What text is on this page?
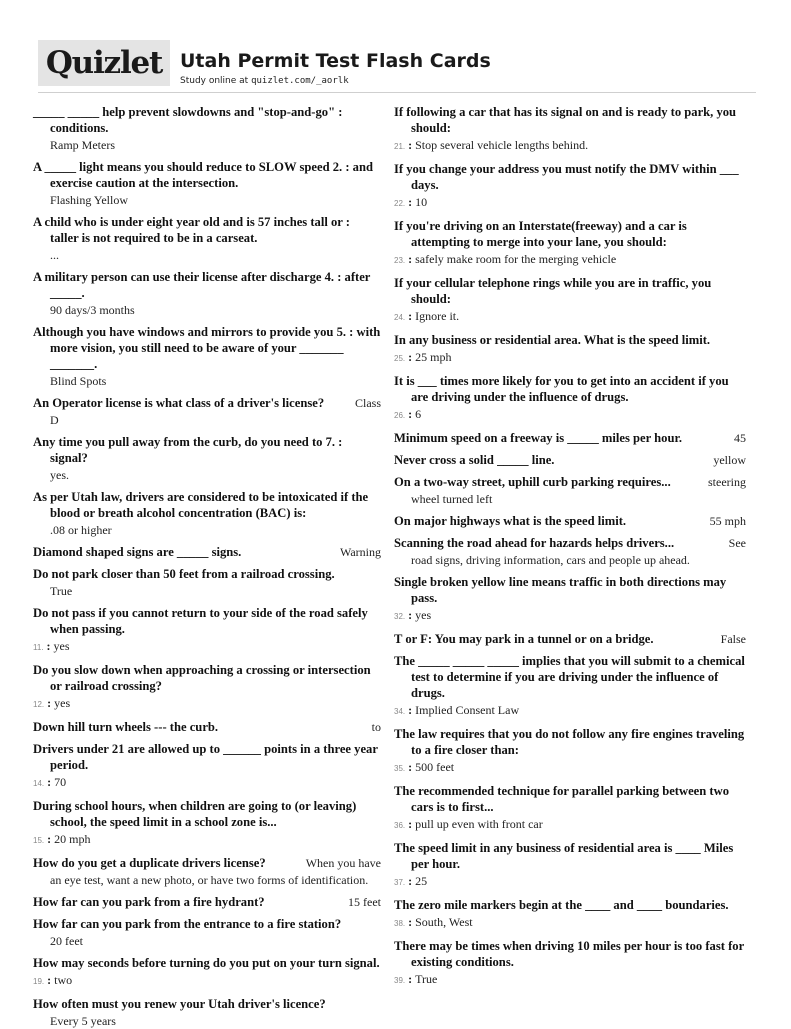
Quizlet Utah Permit Test Flash Cards
Study online at quizlet.com/_aorlk
_____ _____ help prevent slowdowns and "stop-and-go" : conditions.
Ramp Meters
A _____ light means you should reduce to SLOW speed 2. : and exercise caution at the intersection.
Flashing Yellow
A child who is under eight year old and is 57 inches tall or : taller is not required to be in a carseat.
...
A military person can use their license after discharge 4. : after _____.
90 days/3 months
Although you have windows and mirrors to provide you 5. : with more vision, you still need to be aware of your _______ _______.
Blind Spots
An Operator license is what class of a driver's license?	Class
D
Any time you pull away from the curb, do you need to 7. : signal?
yes.
As per Utah law, drivers are considered to be intoxicated if the blood or breath alcohol concentration (BAC) is:
.08 or higher
Diamond shaped signs are _____ signs.	Warning
Do not park closer than 50 feet from a railroad crossing.
True
Do not pass if you cannot return to your side of the road safely when passing.
11. : yes
Do you slow down when approaching a crossing or intersection or railroad crossing?
12. : yes
Down hill turn wheels --- the curb.	to
Drivers under 21 are allowed up to ______ points in a three year period.
14. : 70
During school hours, when children are going to (or leaving) school, the speed limit in a school zone is...
15. : 20 mph
How do you get a duplicate drivers license?	When you have
an eye test, want a new photo, or have two forms of identification.
How far can you park from a fire hydrant?	15 feet
How far can you park from the entrance to a fire station?
20 feet
How may seconds before turning do you put on your turn signal.
19. : two
How often must you renew your Utah driver's licence?
Every 5 years
If following a car that has its signal on and is ready to park, you should:
21. : Stop several vehicle lengths behind.
If you change your address you must notify the DMV within ___ days.
22. : 10
If you're driving on an Interstate(freeway) and a car is attempting to merge into your lane, you should:
23. : safely make room for the merging vehicle
If your cellular telephone rings while you are in traffic, you should:
24. : Ignore it.
In any business or residential area. What is the speed limit.
25. : 25 mph
It is ___ times more likely for you to get into an accident if you are driving under the influence of drugs.
26. : 6
Minimum speed on a freeway is _____ miles per hour.	45
Never cross a solid _____ line.	yellow
On a two-way street, uphill curb parking requires...	steering
wheel turned left
On major highways what is the speed limit.	55 mph
Scanning the road ahead for hazards helps drivers...	See
road signs, driving information, cars and people up ahead.
Single broken yellow line means traffic in both directions may pass.
32. : yes
T or F: You may park in a tunnel or on a bridge.	False
The _____ _____ _____ implies that you will submit to a chemical test to determine if you are driving under the influence of drugs.
34. : Implied Consent Law
The law requires that you do not follow any fire engines traveling to a fire closer than:
35. : 500 feet
The recommended technique for parallel parking between two cars is to first...
36. : pull up even with front car
The speed limit in any business of residential area is ____ Miles per hour.
37. : 25
The zero mile markers begin at the ____ and ____ boundaries.
38. : South, West
There may be times when driving 10 miles per hour is too fast for existing conditions.
39. : True
